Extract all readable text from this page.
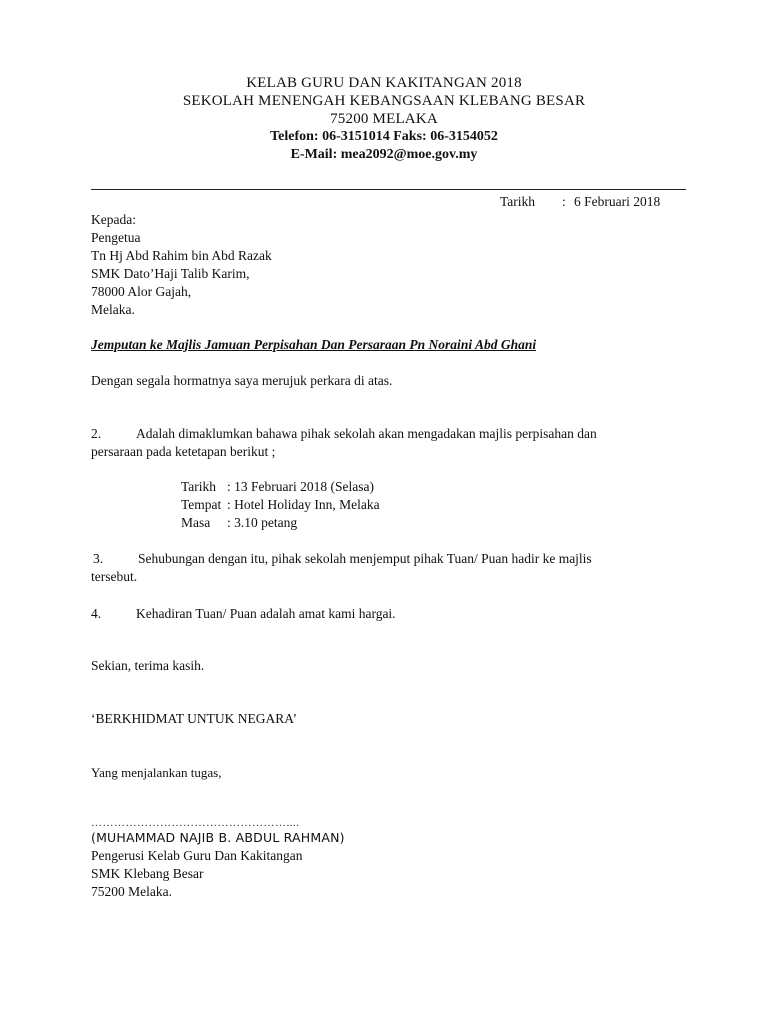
KELAB GURU DAN KAKITANGAN 2018
SEKOLAH MENENGAH KEBANGSAAN KLEBANG BESAR
75200 MELAKA
Telefon: 06-3151014 Faks: 06-3154052
E-Mail: mea2092@moe.gov.my
Tarikh : 6 Februari 2018
Kepada:
Pengetua
Tn Hj Abd Rahim bin Abd Razak
SMK Dato’Haji Talib Karim,
78000 Alor Gajah,
Melaka.
Jemputan ke Majlis Jamuan Perpisahan Dan Persaraan Pn Noraini Abd Ghani
Dengan segala hormatnya saya merujuk perkara di atas.
2.	Adalah dimaklumkan bahawa pihak sekolah akan mengadakan majlis perpisahan dan
persaraan pada ketetapan berikut ;
Tarikh : 13 Februari 2018 (Selasa)
Tempat : Hotel Holiday Inn, Melaka
Masa : 3.10 petang
3.	Sehubungan dengan itu, pihak sekolah menjemput pihak Tuan/ Puan hadir ke majlis
tersebut.
4.	Kehadiran Tuan/ Puan adalah amat kami hargai.
Sekian, terima kasih.
‘BERKHIDMAT UNTUK NEGARA’
Yang menjalankan tugas,
……………………………………………....
(MUHAMMAD NAJIB B. ABDUL RAHMAN)
Pengerusi Kelab Guru Dan Kakitangan
SMK Klebang Besar
75200 Melaka.
